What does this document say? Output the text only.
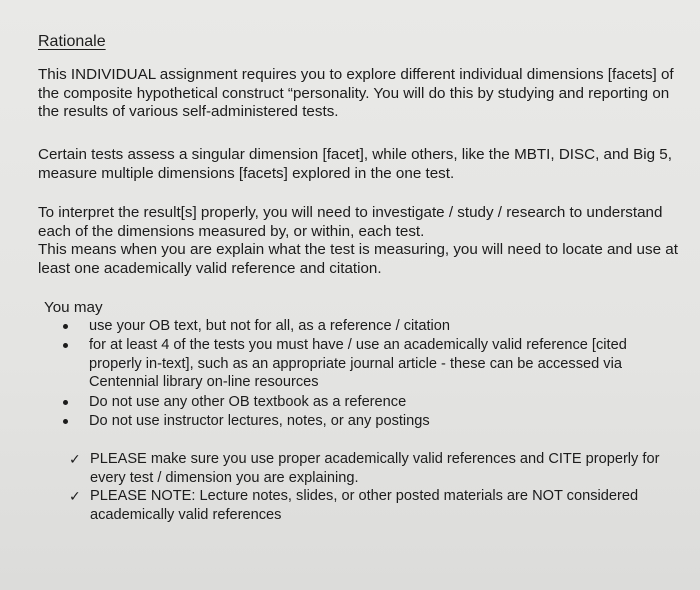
Rationale

This INDIVIDUAL assignment requires you to explore different individual dimensions [facets] of the composite hypothetical construct “personality. You will do this by studying and reporting on the results of various self-administered tests.

Certain tests assess a singular dimension [facet], while others, like the MBTI, DISC, and Big 5, measure multiple dimensions [facets] explored in the one test.

To interpret the result[s] properly, you will need to investigate / study / research to understand each of the dimensions measured by, or within, each test.
This means when you are explain what the test is measuring, you will need to locate and use at least one academically valid reference and citation.

You may

use your OB text, but not for all, as a reference / citation
for at least 4 of the tests you must have / use an academically valid reference [cited properly in-text], such as an appropriate journal article - these can be accessed via Centennial library on-line resources
Do not use any other OB textbook as a reference
Do not use instructor lectures, notes, or any postings
✓ PLEASE make sure you use proper academically valid references and CITE properly for every test / dimension you are explaining.
✓ PLEASE NOTE: Lecture notes, slides, or other posted materials are NOT considered academically valid references
